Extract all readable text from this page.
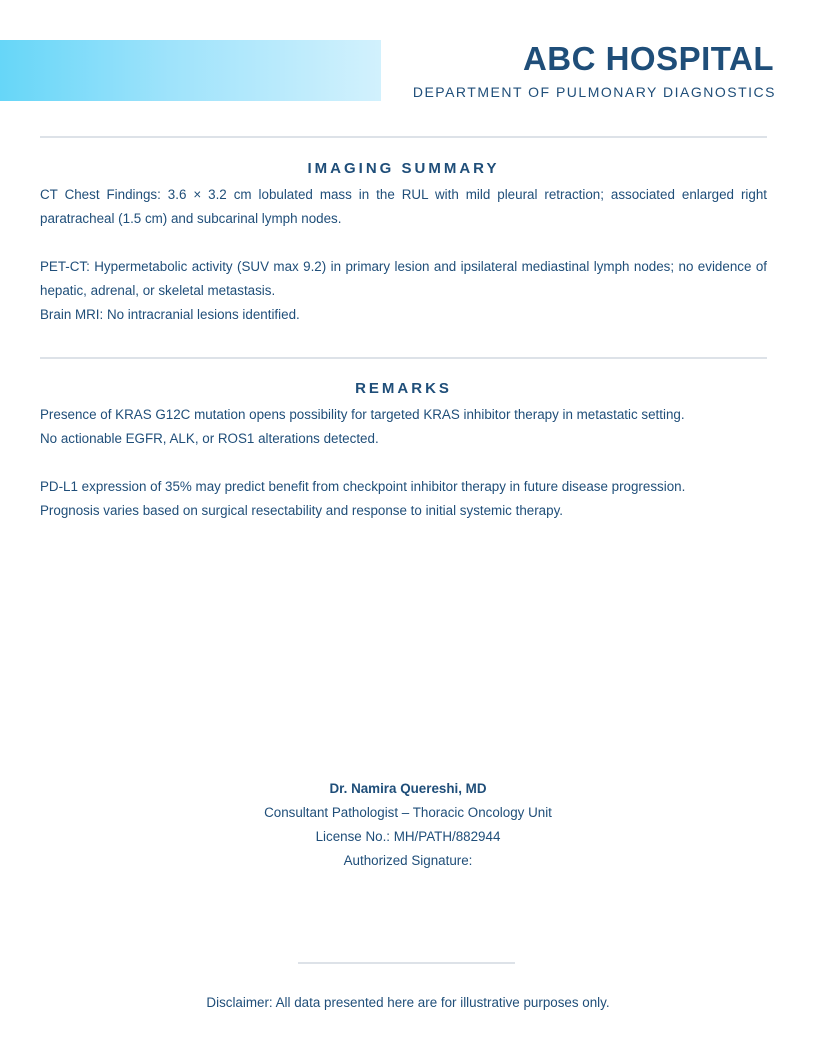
ABC HOSPITAL
DEPARTMENT OF PULMONARY DIAGNOSTICS
IMAGING SUMMARY
CT Chest Findings: 3.6 × 3.2 cm lobulated mass in the RUL with mild pleural retraction; associated enlarged right paratracheal (1.5 cm) and subcarinal lymph nodes.
PET-CT: Hypermetabolic activity (SUV max 9.2) in primary lesion and ipsilateral mediastinal lymph nodes; no evidence of hepatic, adrenal, or skeletal metastasis.
Brain MRI: No intracranial lesions identified.
REMARKS
Presence of KRAS G12C mutation opens possibility for targeted KRAS inhibitor therapy in metastatic setting.
No actionable EGFR, ALK, or ROS1 alterations detected.
PD-L1 expression of 35% may predict benefit from checkpoint inhibitor therapy in future disease progression.
Prognosis varies based on surgical resectability and response to initial systemic therapy.
Dr. Namira Quereshi, MD
Consultant Pathologist – Thoracic Oncology Unit
License No.: MH/PATH/882944
Authorized Signature:
Disclaimer: All data presented here are for illustrative purposes only.
